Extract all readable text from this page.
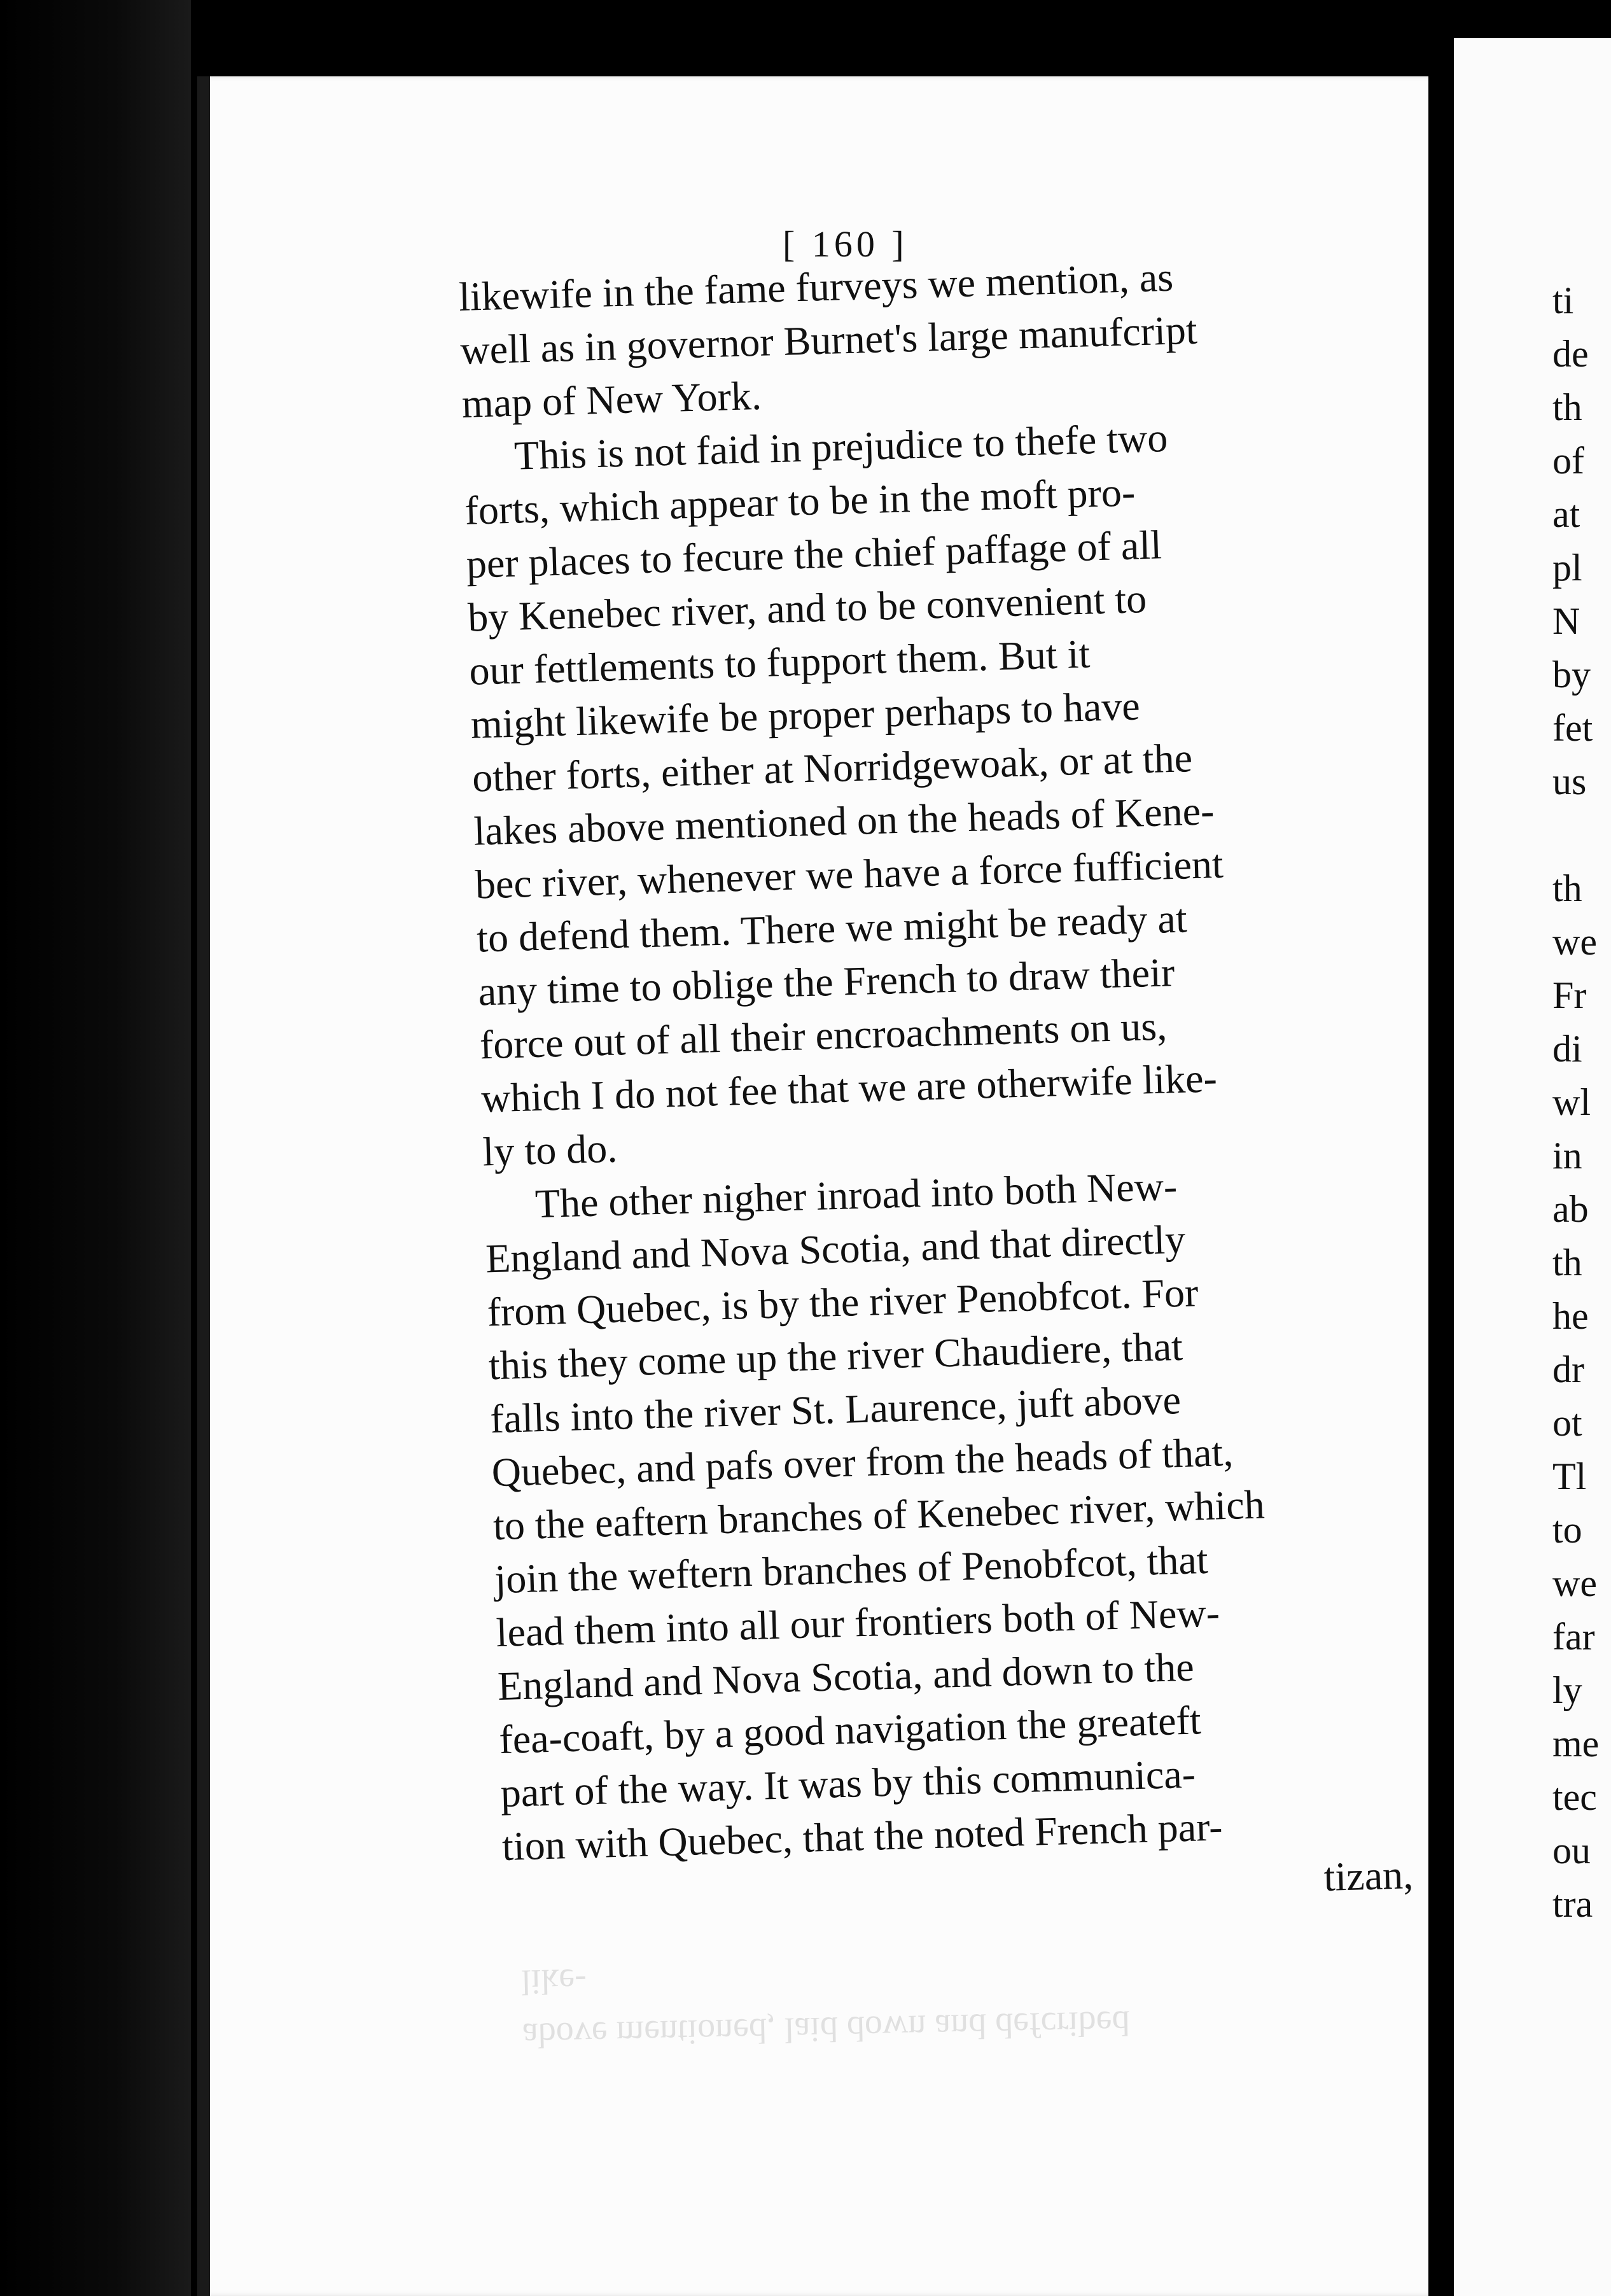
[ 160 ]
likewife in the fame furveys we mention, as
well as in governor Burnet's large manufcript
map of New York.
This is not faid in prejudice to thefe two
forts, which appear to be in the moft pro-
per places to fecure the chief paffage of all
by Kenebec river, and to be convenient to
our fettlements to fupport them. But it
might likewife be proper perhaps to have
other forts, either at Norridgewoak, or at the
lakes above mentioned on the heads of Kene-
bec river, whenever we have a force fufficient
to defend them. There we might be ready at
any time to oblige the French to draw their
force out of all their encroachments on us,
which I do not fee that we are otherwife like-
ly to do.
The other nigher inroad into both New-
England and Nova Scotia, and that directly
from Quebec, is by the river Penobfcot. For
this they come up the river Chaudiere, that
falls into the river St. Laurence, juft above
Quebec, and pafs over from the heads of that,
to the eaftern branches of Kenebec river, which
join the weftern branches of Penobfcot, that
lead them into all our frontiers both of New-
England and Nova Scotia, and down to the
fea-coaft, by a good navigation the greateft
part of the way. It was by this communica-
tion with Quebec, that the noted French par-
tizan,
above mentioned, laid down and defcribed
like-
ti
de
th
of
at
pl
N
by
fet
us
th
we
Fr
di
wl
in
ab
th
he
dr
ot
Tl
to
we
far
ly
me
tec
ou
tra
